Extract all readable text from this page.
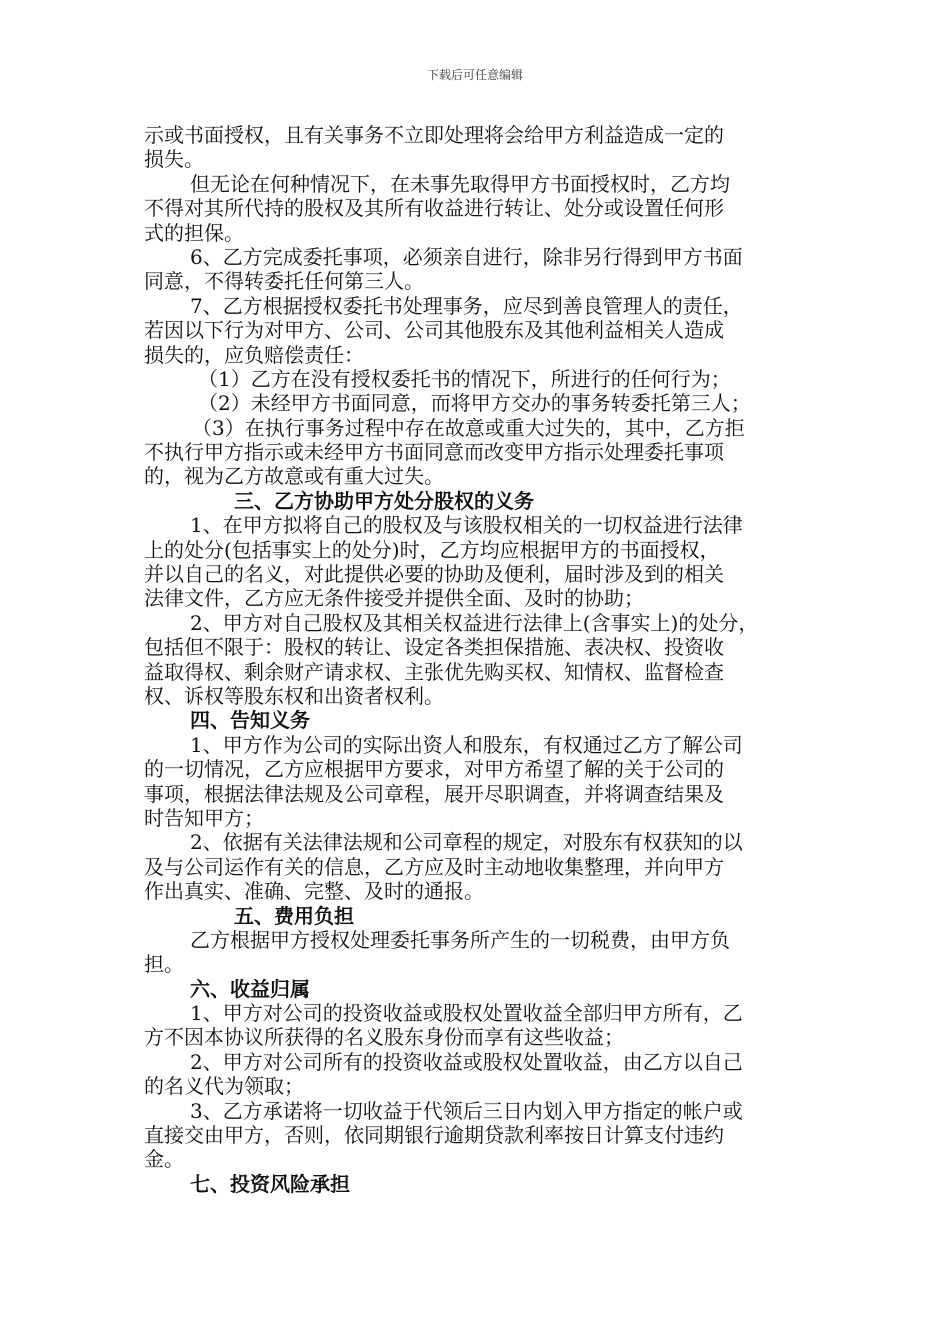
下载后可任意编辑
示或书面授权，且有关事务不立即处理将会给甲方利益造成一定的
损失。
但无论在何种情况下，在未事先取得甲方书面授权时，乙方均
不得对其所代持的股权及其所有收益进行转让、处分或设置任何形
式的担保。
6、乙方完成委托事项，必须亲自进行，除非另行得到甲方书面
同意，不得转委托任何第三人。
7、乙方根据授权委托书处理事务，应尽到善良管理人的责任，
若因以下行为对甲方、公司、公司其他股东及其他利益相关人造成
损失的，应负赔偿责任：
（1）乙方在没有授权委托书的情况下，所进行的任何行为；
（2）未经甲方书面同意，而将甲方交办的事务转委托第三人；
（3）在执行事务过程中存在故意或重大过失的，其中，乙方拒
不执行甲方指示或未经甲方书面同意而改变甲方指示处理委托事项
的，视为乙方故意或有重大过失。
三、乙方协助甲方处分股权的义务
1、在甲方拟将自己的股权及与该股权相关的一切权益进行法律
上的处分(包括事实上的处分)时，乙方均应根据甲方的书面授权，
并以自己的名义，对此提供必要的协助及便利，届时涉及到的相关
法律文件，乙方应无条件接受并提供全面、及时的协助；
2、甲方对自己股权及其相关权益进行法律上(含事实上)的处分，
包括但不限于：股权的转让、设定各类担保措施、表决权、投资收
益取得权、剩余财产请求权、主张优先购买权、知情权、监督检查
权、诉权等股东权和出资者权利。
四、告知义务
1、甲方作为公司的实际出资人和股东，有权通过乙方了解公司
的一切情况，乙方应根据甲方要求，对甲方希望了解的关于公司的
事项，根据法律法规及公司章程，展开尽职调查，并将调查结果及
时告知甲方；
2、依据有关法律法规和公司章程的规定，对股东有权获知的以
及与公司运作有关的信息，乙方应及时主动地收集整理，并向甲方
作出真实、准确、完整、及时的通报。
五、费用负担
乙方根据甲方授权处理委托事务所产生的一切税费，由甲方负
担。
六、收益归属
1、甲方对公司的投资收益或股权处置收益全部归甲方所有，乙
方不因本协议所获得的名义股东身份而享有这些收益；
2、甲方对公司所有的投资收益或股权处置收益，由乙方以自己
的名义代为领取；
3、乙方承诺将一切收益于代领后三日内划入甲方指定的帐户或
直接交由甲方，否则，依同期银行逾期贷款利率按日计算支付违约
金。
七、投资风险承担
